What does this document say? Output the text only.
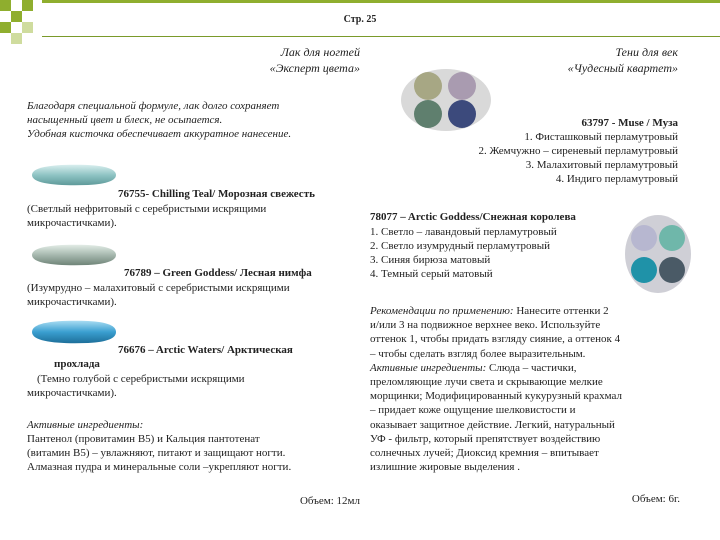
Стр. 25
Лак для ногтей
«Эксперт цвета»
Благодаря специальной формуле, лак долго сохраняет
насыщенный цвет и блеск, не осыпается.
Удобная кисточка обеспечивает аккуратное нанесение.
76755- Chilling Teal/ Морозная свежесть
(Светлый нефритовый с серебристыми искрящими
микрочастичками).
76789 – Green Goddess/ Лесная нимфа
(Изумрудно – малахитовый с серебристыми искрящими
микрочастичками).
76676 – Arctic Waters/ Арктическая
прохлада
(Темно голубой с серебристыми искрящими
микрочастичками).
Активные ингредиенты:
Пантенол (провитамин В5) и Кальция пантотенат
(витамин В5) – увлажняют, питают и защищают ногти.
Алмазная пудра и минеральные соли –укрепляют ногти.
Объем: 12мл
Тени для век
«Чудесный квартет»
63797 - Muse / Муза
1. Фисташковый перламутровый
2. Жемчужно – сиреневый перламутровый
3. Малахитовый перламутровый
4. Индиго перламутровый
78077 – Arctic Goddess/Снежная королева
1. Светло – лавандовый перламутровый
2. Светло изумрудный перламутровый
3. Синяя бирюза матовый
4. Темный серый матовый
Рекомендации по применению: Нанесите оттенки 2
и/или 3 на подвижное верхнее веко. Используйте
оттенок 1, чтобы придать взгляду сияние, а оттенок 4
– чтобы сделать взгляд более выразительным.
Активные ингредиенты: Слюда – частички,
преломляющие лучи света и скрывающие мелкие
морщинки; Модифицированный кукурузный крахмал
– придает коже ощущение шелковистости и
оказывает защитное действие. Легкий, натуральный
УФ - фильтр, который препятствует воздействию
солнечных лучей; Диоксид кремния – впитывает
излишние жировые выделения .
Объем: 6г.
